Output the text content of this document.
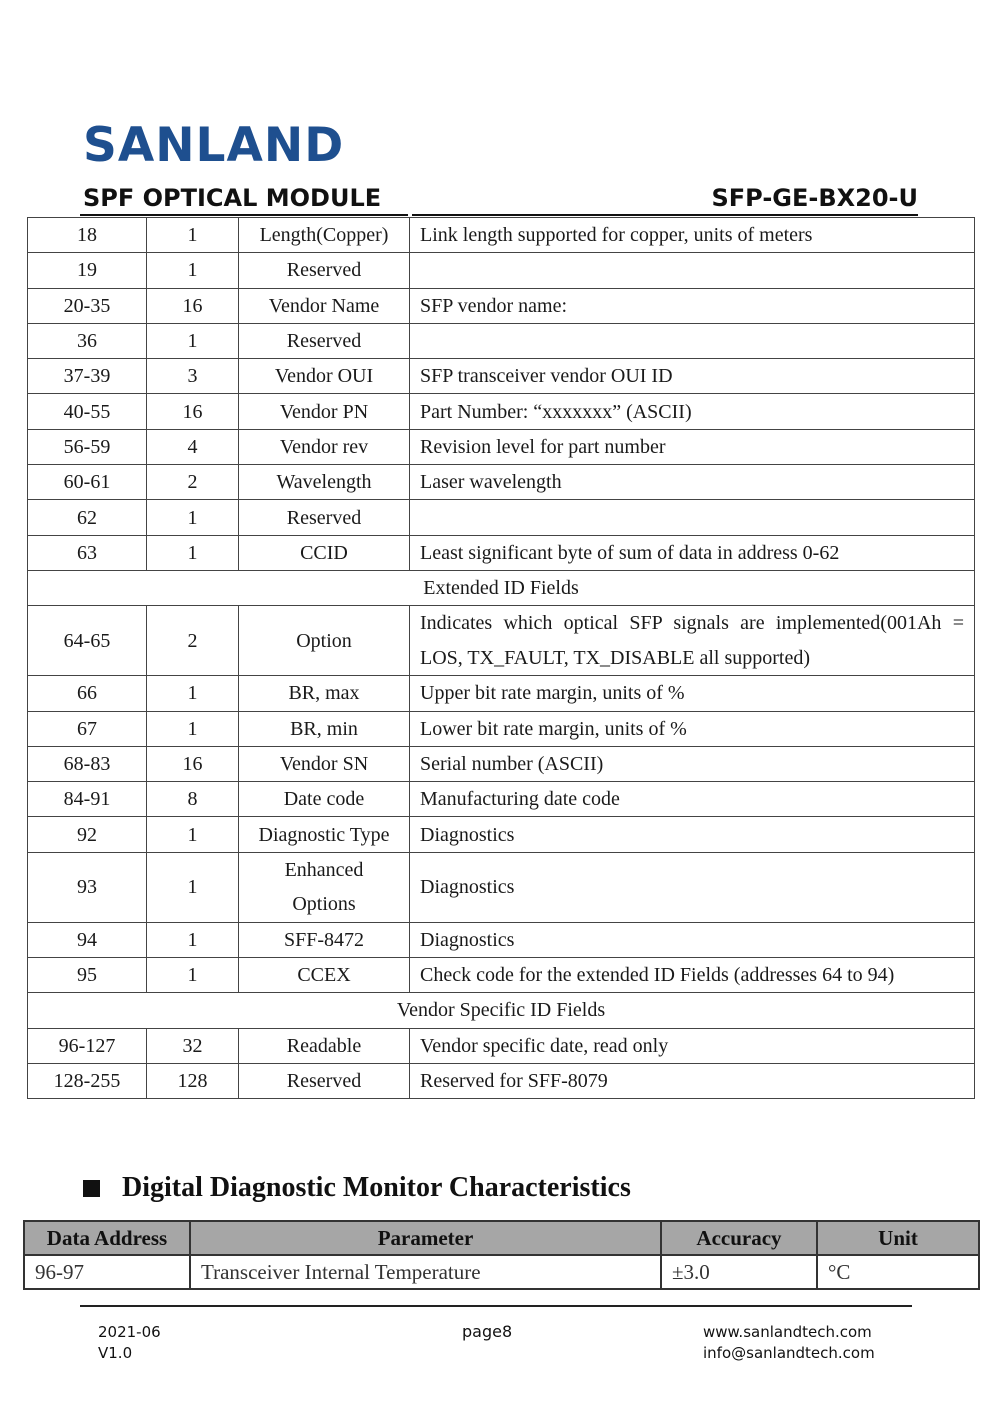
SANLAND
SPF OPTICAL MODULE	SFP-GE-BX20-U
18	1	Length(Copper)	Link length supported for copper, units of meters
19	1	Reserved	
20-35	16	Vendor Name	SFP vendor name:
36	1	Reserved	
37-39	3	Vendor OUI	SFP transceiver vendor OUI ID
40-55	16	Vendor PN	Part Number: “xxxxxxx” (ASCII)
56-59	4	Vendor rev	Revision level for part number
60-61	2	Wavelength	Laser wavelength
62	1	Reserved	
63	1	CCID	Least significant byte of sum of data in address 0-62
Extended ID Fields			
64-65	2	Option	Indicates which optical SFP signals are implemented(001Ah = LOS, TX_FAULT, TX_DISABLE all supported)
66	1	BR, max	Upper bit rate margin, units of %
67	1	BR, min	Lower bit rate margin, units of %
68-83	16	Vendor SN	Serial number (ASCII)
84-91	8	Date code	Manufacturing date code
92	1	Diagnostic Type	Diagnostics
93	1	Enhanced Options	Diagnostics
94	1	SFF-8472	Diagnostics
95	1	CCEX	Check code for the extended ID Fields (addresses 64 to 94)
Vendor Specific ID Fields			
96-127	32	Readable	Vendor specific date, read only
128-255	128	Reserved	Reserved for SFF-8079
Digital Diagnostic Monitor Characteristics
Data Address	Parameter	Accuracy	Unit
96-97	Transceiver Internal Temperature	±3.0	°C
2021-06
V1.0
page8	www.sanlandtech.com
info@sanlandtech.com
